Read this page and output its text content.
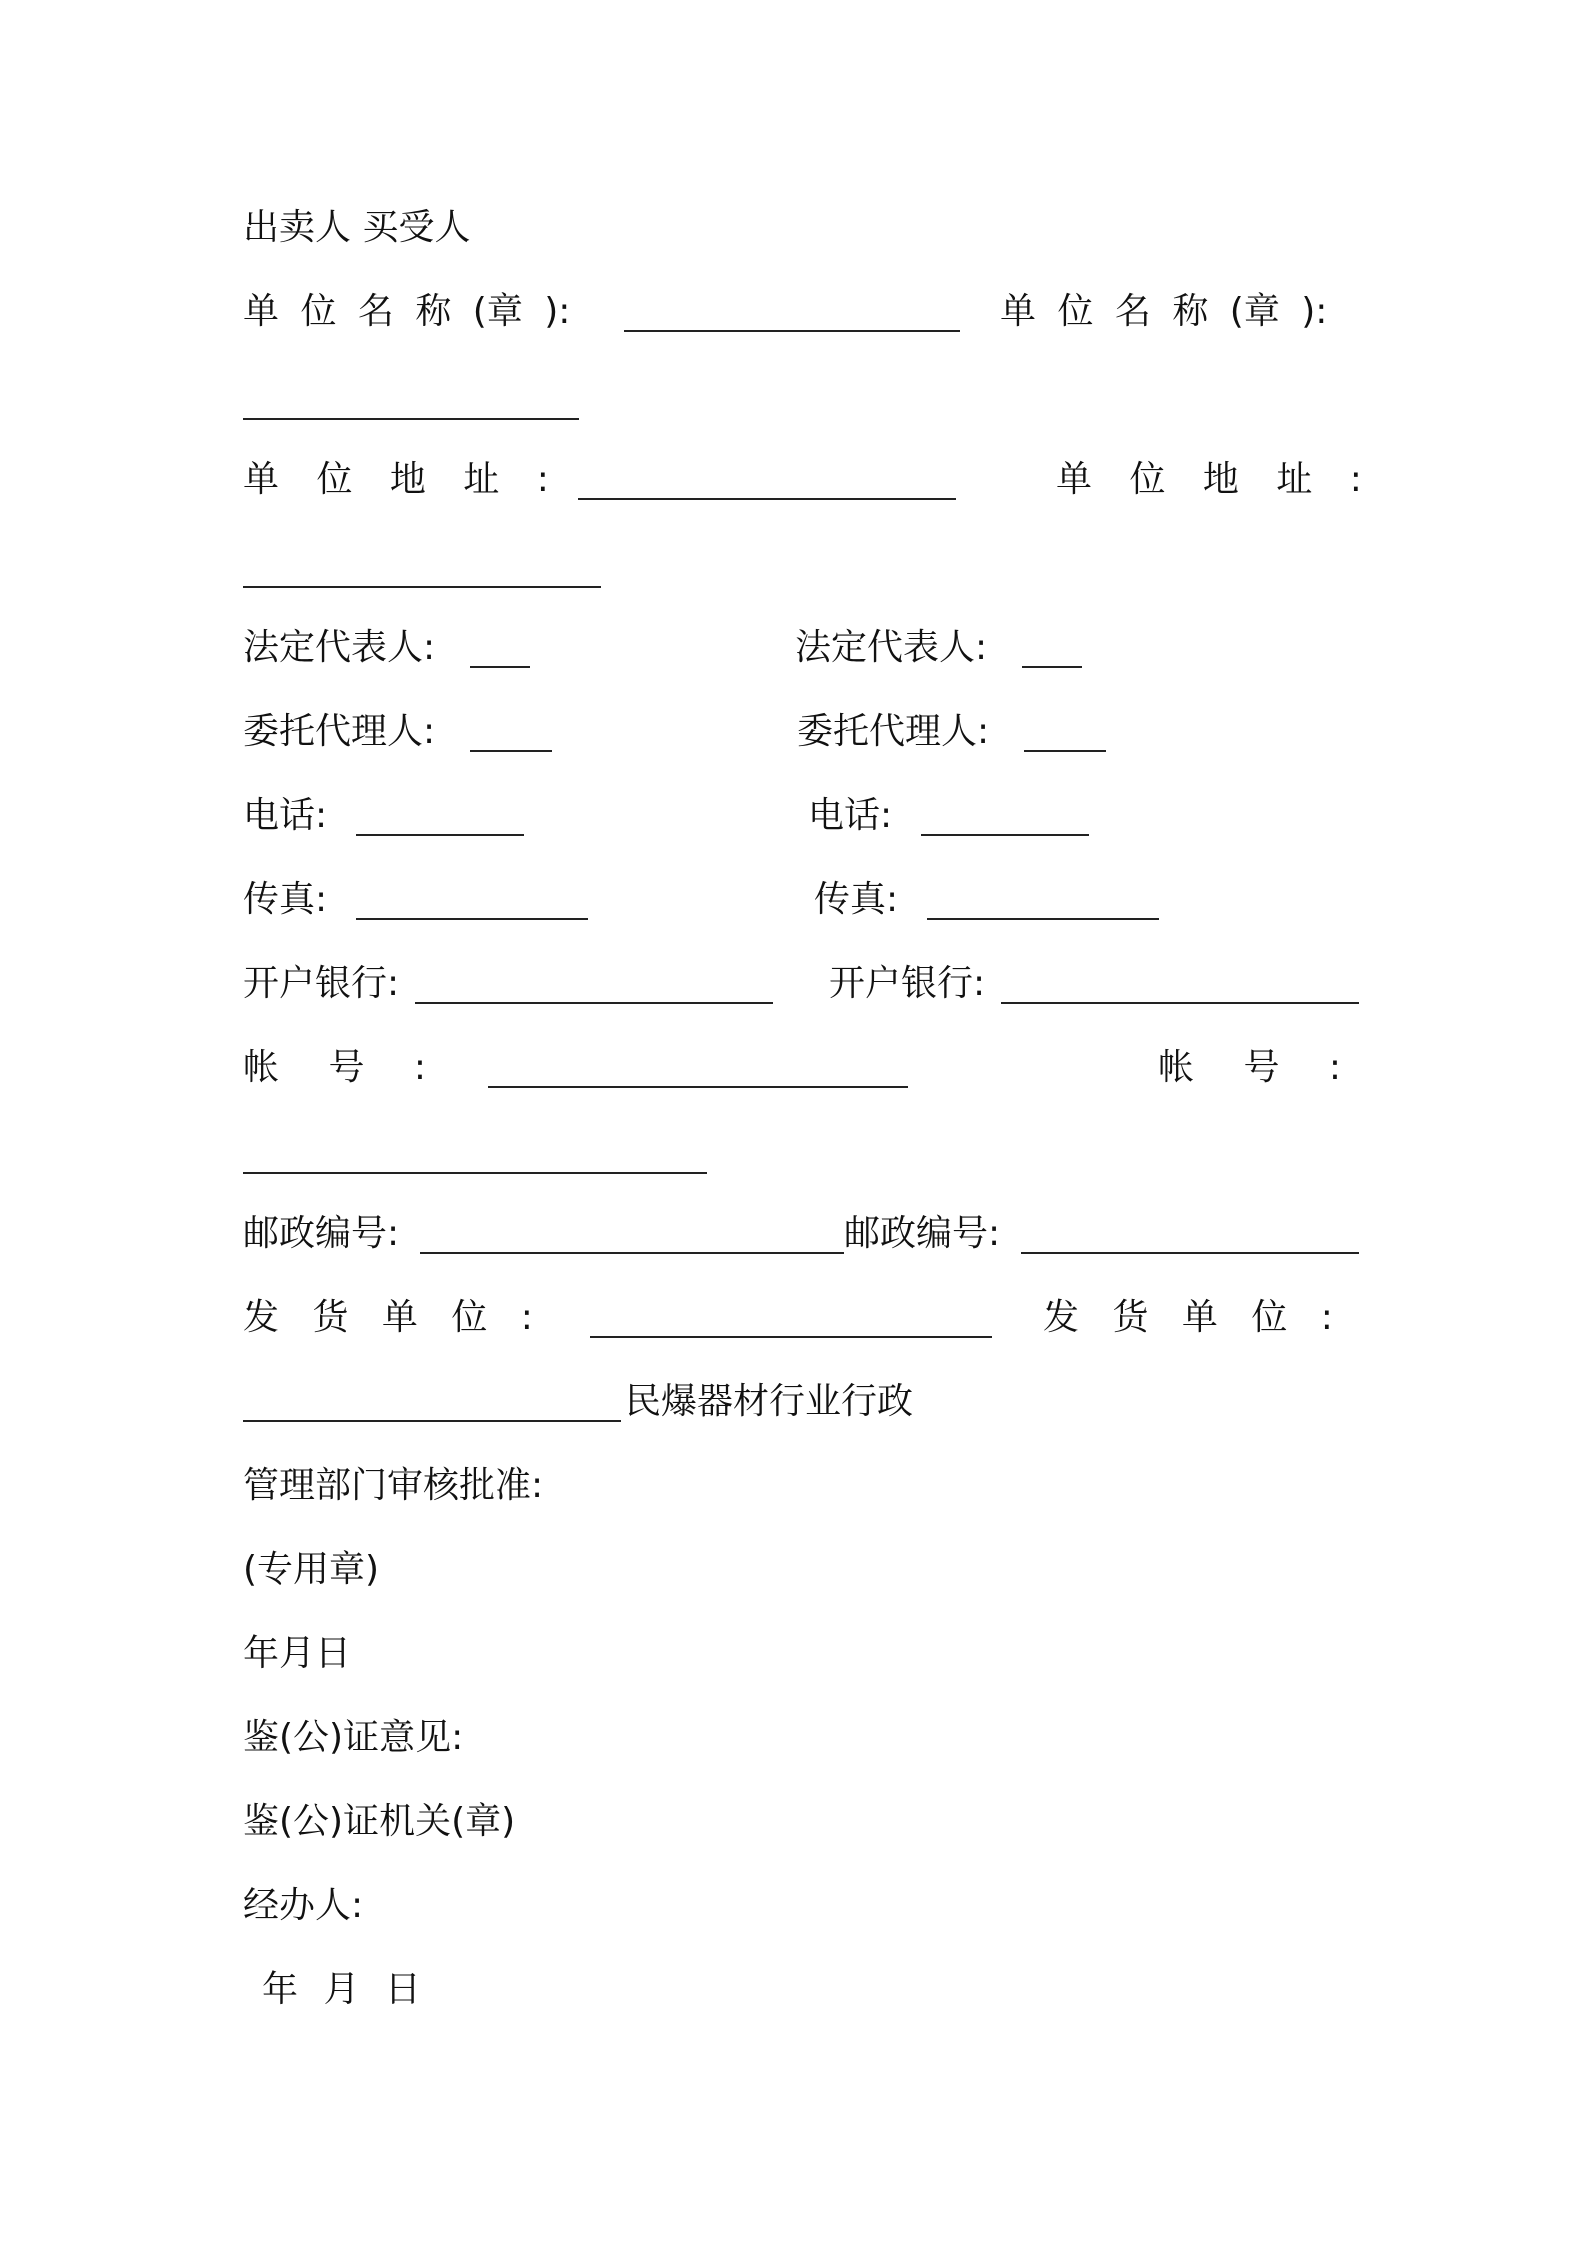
出卖人 买受人
单 位 名 称 (章 ):	单 位 名 称 (章 ):
单 位 地 址 :	单 位 地 址 :
法定代表人:	法定代表人:
委托代理人:	委托代理人:
电话:	电话:
传真:	传真:
开户银行:	开户银行:
帐 号 :	帐 号 :
邮政编号:	邮政编号:
发 货 单 位 :	发 货 单 位 :
民爆器材行业行政
管理部门审核批准:
(专用章)
年月日
鉴(公)证意见:
鉴(公)证机关(章)
经办人:
年 月 日
